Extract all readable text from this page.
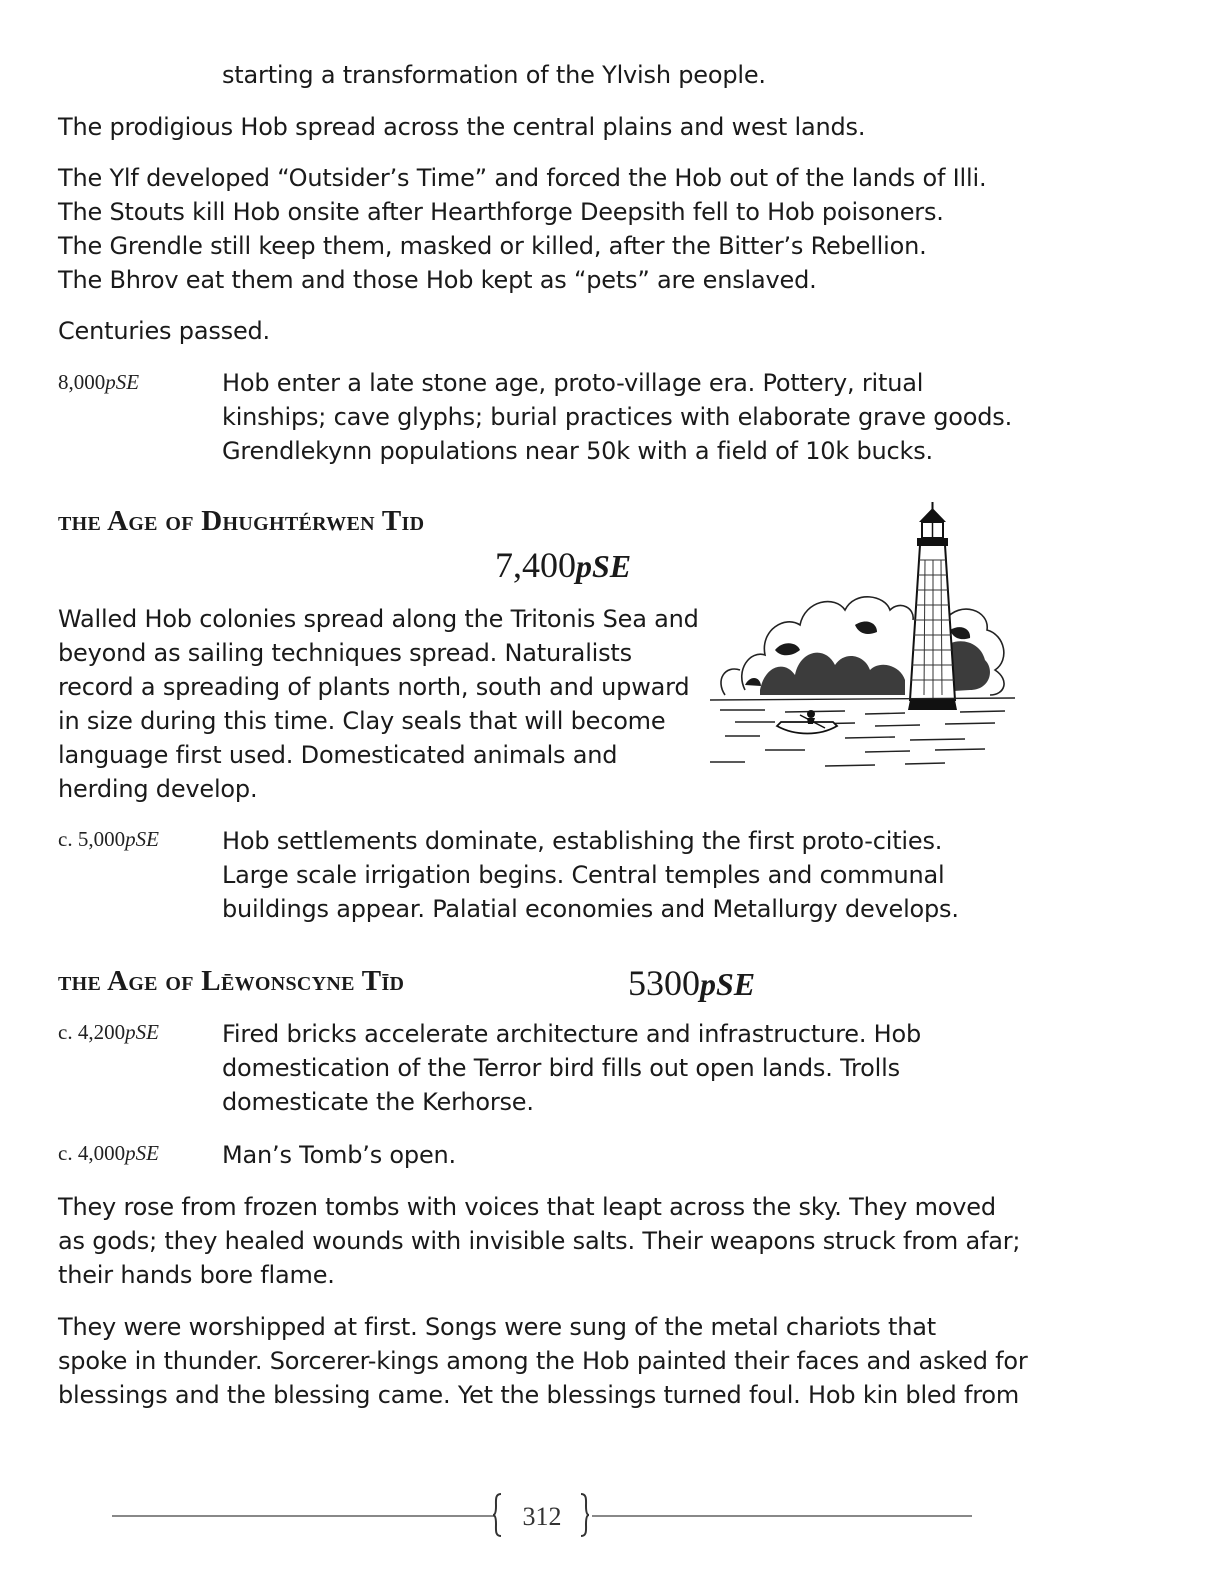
starting a transformation of the Ylvish people.

The prodigious Hob spread across the central plains and west lands.

The Ylf developed “Outsider’s Time” and forced the Hob out of the lands of Illi.
The Stouts kill Hob onsite after Hearthforge Deepsith fell to Hob poisoners.
The Grendle still keep them, masked or killed, after the Bitter’s Rebellion.
The Bhrov eat them and those Hob kept as “pets” are enslaved.

Centuries passed.

8,000pSE	Hob enter a late stone age, proto-village era. Pottery, ritual
kinships; cave glyphs; burial practices with elaborate grave goods.
Grendlekynn populations near 50k with a field of 10k bucks.

the Age of Dhughtérwen Tid
7,400pSE

Walled Hob colonies spread along the Tritonis Sea and
beyond as sailing techniques spread. Naturalists
record a spreading of plants north, south and upward
in size during this time. Clay seals that will become
language first used. Domesticated animals and
herding develop.

c. 5,000pSE	Hob settlements dominate, establishing the first proto-cities.
Large scale irrigation begins. Central temples and communal
buildings appear. Palatial economies and Metallurgy develops.

the Age of Lēwonscyne Tīd	5300pSE
c. 4,200pSE	Fired bricks accelerate architecture and infrastructure. Hob
domestication of the Terror bird fills out open lands. Trolls
domesticate the Kerhorse.

c. 4,000pSE	Man’s Tomb’s open.

They rose from frozen tombs with voices that leapt across the sky. They moved
as gods; they healed wounds with invisible salts. Their weapons struck from afar;
their hands bore flame.

They were worshipped at first. Songs were sung of the metal chariots that
spoke in thunder. Sorcerer-kings among the Hob painted their faces and asked for
blessings and the blessing came. Yet the blessings turned foul. Hob kin bled from

312
